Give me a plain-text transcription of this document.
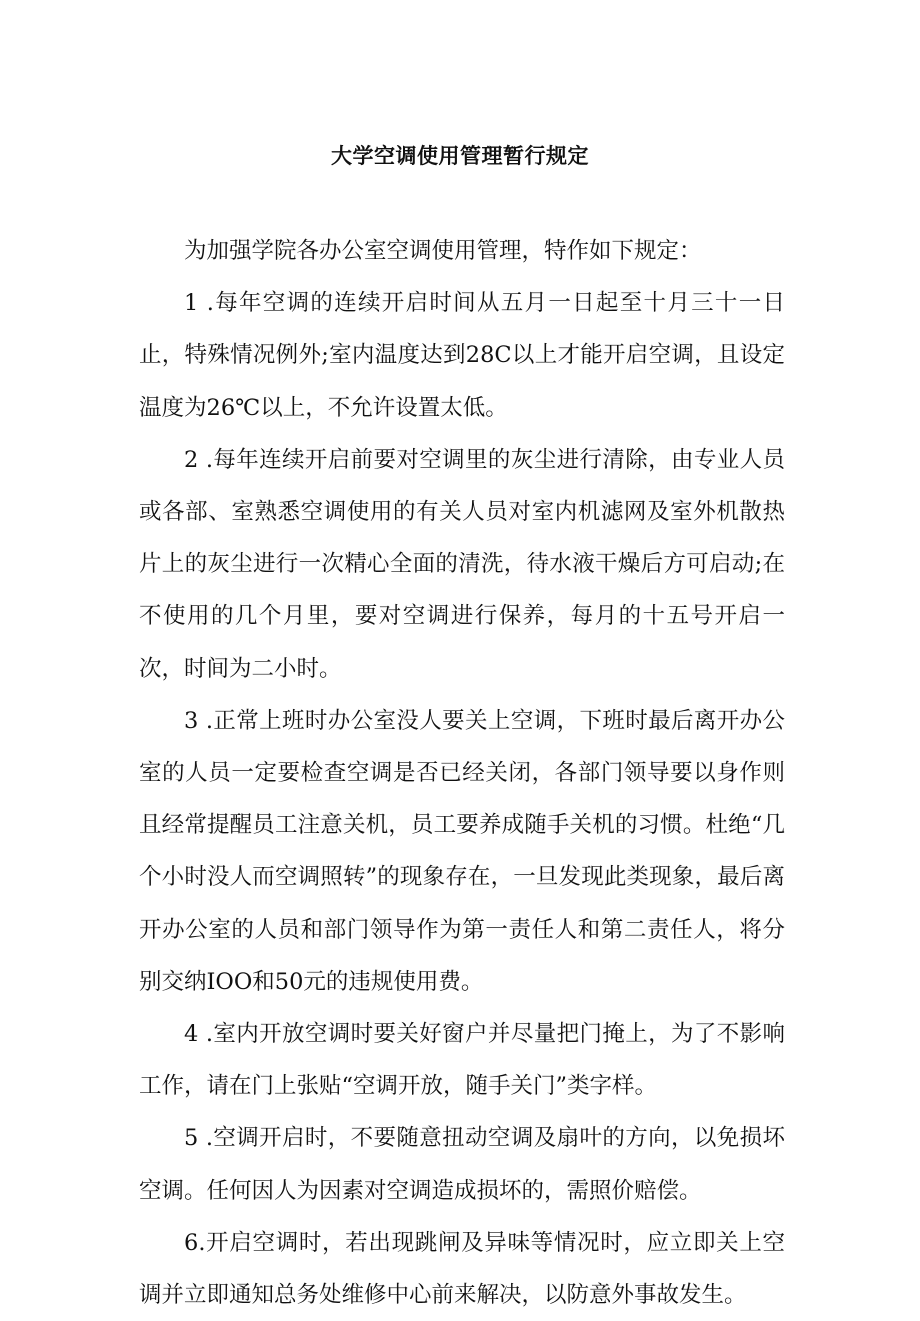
大学空调使用管理暂行规定

为加强学院各办公室空调使用管理，特作如下规定：

1 .每年空调的连续开启时间从五月一日起至十月三十一日止，特殊情况例外;室内温度达到28C以上才能开启空调，且设定温度为26℃以上，不允许设置太低。

2 .每年连续开启前要对空调里的灰尘进行清除，由专业人员或各部、室熟悉空调使用的有关人员对室内机滤网及室外机散热片上的灰尘进行一次精心全面的清洗，待水液干燥后方可启动;在不使用的几个月里，要对空调进行保养，每月的十五号开启一次，时间为二小时。

3 .正常上班时办公室没人要关上空调，下班时最后离开办公室的人员一定要检查空调是否已经关闭，各部门领导要以身作则且经常提醒员工注意关机，员工要养成随手关机的习惯。杜绝“几个小时没人而空调照转”的现象存在，一旦发现此类现象，最后离开办公室的人员和部门领导作为第一责任人和第二责任人，将分别交纳IOO和50元的违规使用费。

4 .室内开放空调时要关好窗户并尽量把门掩上，为了不影响工作，请在门上张贴“空调开放，随手关门”类字样。

5 .空调开启时，不要随意扭动空调及扇叶的方向，以免损坏空调。任何因人为因素对空调造成损坏的，需照价赔偿。

6.开启空调时，若出现跳闸及异味等情况时，应立即关上空调并立即通知总务处维修中心前来解决，以防意外事故发生。
